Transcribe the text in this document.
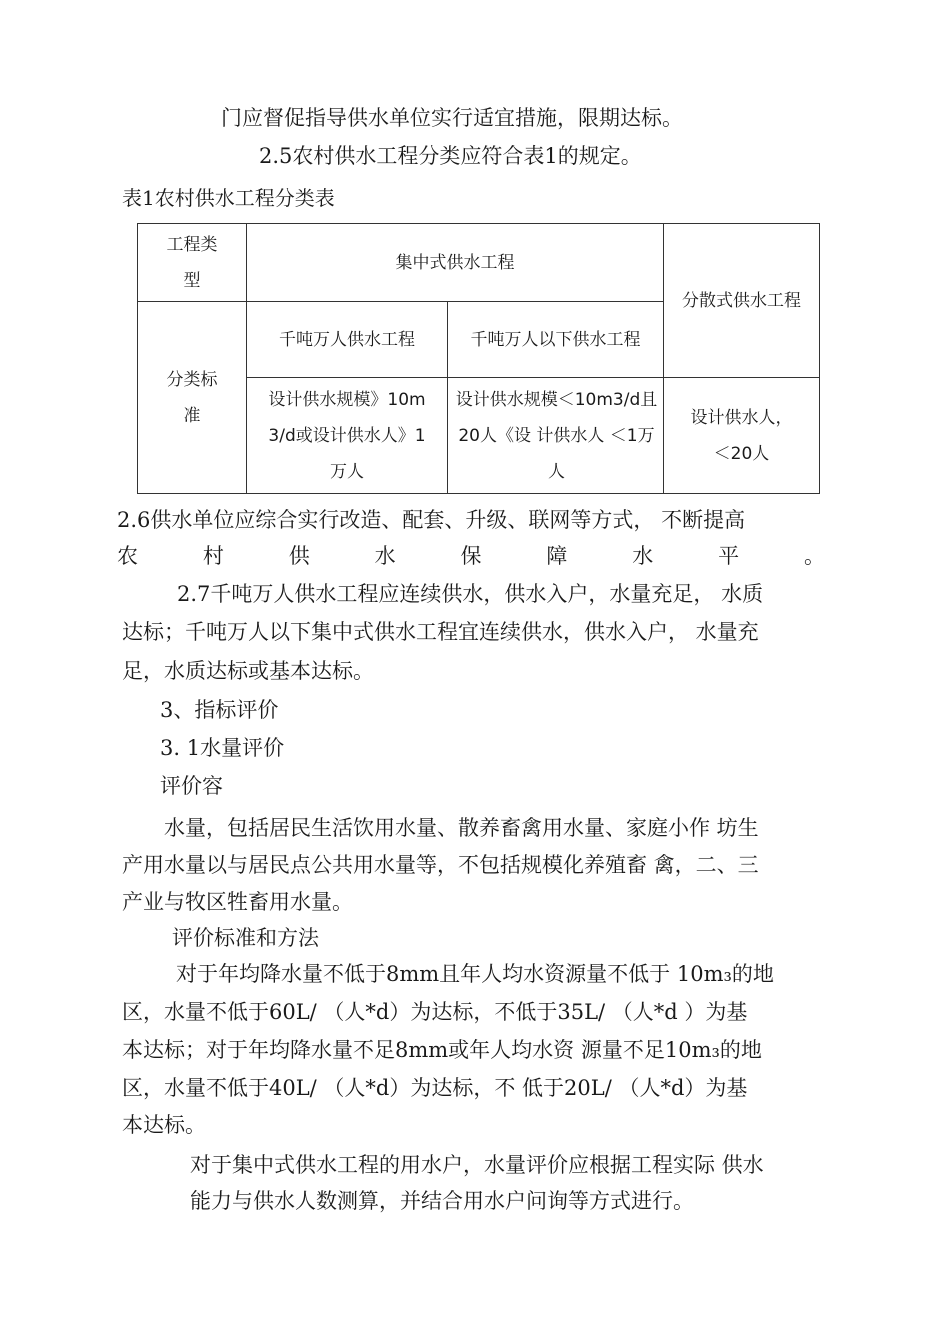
门应督促指导供水单位实行适宜措施，限期达标。
2.5农村供水工程分类应符合表1的规定。
表1农村供水工程分类表
工程类型	集中式供水工程		分散式供水工程
分类标准	千吨万人供水工程	千吨万人以下供水工程	
	设计供水规模》10m3/d或设计供水人》1万人	设计供水规模＜10m3/d且20人《设 计供水人 ＜1万人	设计供水人，＜20人
2.6供水单位应综合实行改造、配套、升级、联网等方式， 不断提高
农	村	供	水	保	障	水	平	。
2.7千吨万人供水工程应连续供水，供水入户，水量充足， 水质
达标；千吨万人以下集中式供水工程宜连续供水，供水入户， 水量充
足，水质达标或基本达标。
3、指标评价
3. 1水量评价
评价容
水量，包括居民生活饮用水量、散养畜禽用水量、家庭小作 坊生
产用水量以与居民点公共用水量等，不包括规模化养殖畜 禽，二、三
产业与牧区牲畜用水量。
评价标准和方法
对于年均降水量不低于8mm且年人均水资源量不低于 10m₃的地
区，水量不低于60L/ （人*d）为达标，不低于35L/ （人*d ）为基
本达标；对于年均降水量不足8mm或年人均水资 源量不足10m₃的地
区，水量不低于40L/ （人*d）为达标，不 低于20L/ （人*d）为基
本达标。
对于集中式供水工程的用水户，水量评价应根据工程实际 供水
能力与供水人数测算，并结合用水户问询等方式进行。
